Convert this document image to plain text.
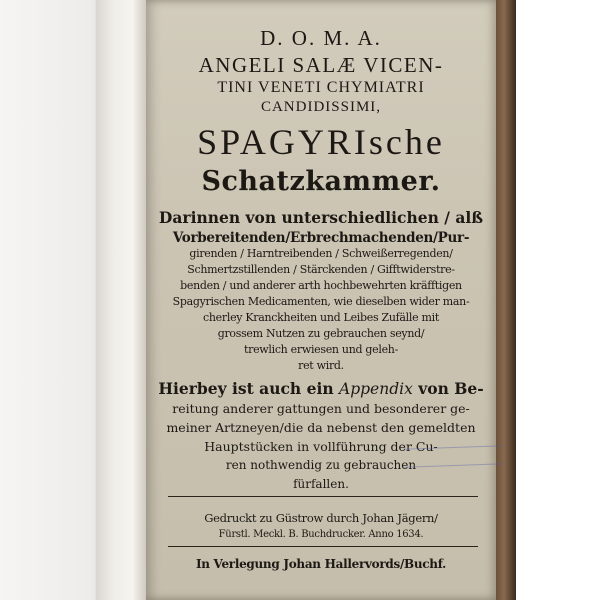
D. O. M. A.
ANGELI SALÆ VICEN-
TINI VENETI CHYMIATRI
CANDIDISSIMI,
SPAGYRIsche
Schatzkammer.
Darinnen von unterschiedlichen / alß
Vorbereitenden/Erbrechmachenden/Pur-
girenden / Harntreibenden / Schweißerregenden/
Schmertzstillenden / Stärckenden / Gifftwiderstre-
benden / und anderer arth hochbewehrten kräfftigen
Spagyrischen Medicamenten, wie dieselben wider man-
cherley Kranckheiten und Leibes Zufälle mit
grossem Nutzen zu gebrauchen seynd/
trewlich erwiesen und geleh-
ret wird.
Hierbey ist auch ein Appendix von Be-
reitung anderer gattungen und besonderer ge-
meiner Artzneyen/die da nebenst den gemeldten
Hauptstücken in vollführung der Cu-
ren nothwendig zu gebrauchen
fürfallen.
Gedruckt zu Güstrow durch Johan Jägern/
Fürstl. Meckl. B. Buchdrucker. Anno 1634.
In Verlegung Johan Hallervords/Buchf.
